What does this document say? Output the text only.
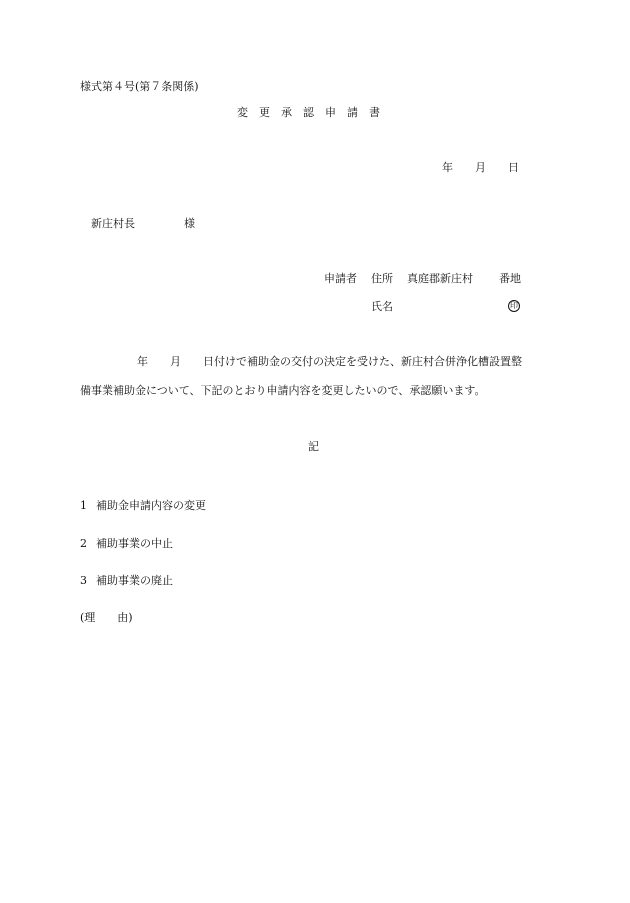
様式第４号(第７条関係)
変　更　承　認　申　請　書
年　　月　　日
新庄村長	様
申請者 住所 真庭郡新庄村 番地
氏名	印
年　　月　　日付けで補助金の交付の決定を受けた、新庄村合併浄化槽設置整
備事業補助金について、下記のとおり申請内容を変更したいので、承認願います。
記
1 補助金申請内容の変更
2 補助事業の中止
3 補助事業の廃止
(理　　由)
